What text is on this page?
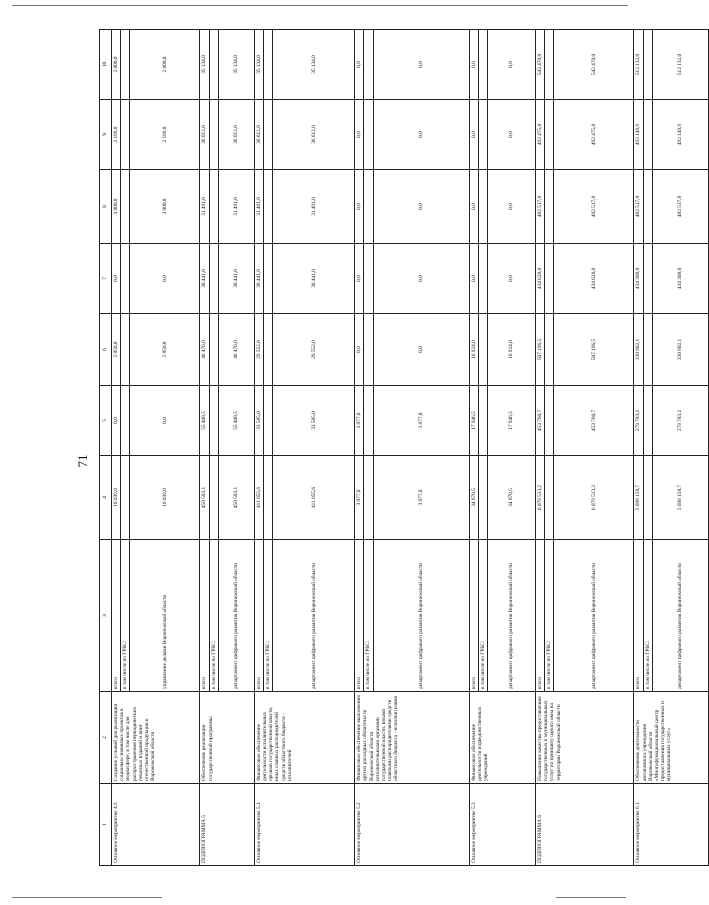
71
1	2	3	4	5	6	7	8	9	10
Основное мероприятие 4.3	Создание условий для реализации социально значимых проектов в медиасфере, в том числе для распространения периодических печатных изданий и книг отечественной продукции в Воронежской области	всего	10 039,0	0,0	2 850,0	0,0	3 000,0	2 189,0	2 000,0
		в том числе по ГРБС:							
		управление делами Воронежской области	10 039,0	0,0	2 850,0	0,0	3 000,0	2 189,0	2 000,0
ПОДПРОГРАММА 5	Обеспечение реализации государственной программы	всего	450 583,1	55 408,5	46 476,0	30 441,0	31 491,0	36 612,0	35 134,0
		в том числе по ГРБС:							
		департамент цифрового развития Воронежской области	450 583,1	55 408,5	46 476,0	30 441,0	31 491,0	36 612,0	35 134,0
Основное мероприятие 5.1	Финансовое обеспечение деятельности исполнительных органов государственной власти, иных главных распорядителей средств областного бюджета - исполнителей	всего	411 855,6	33 585,0	29 552,0	30 441,0	31 491,0	36 612,0	35 134,0
		в том числе по ГРБС:							
		департамент цифрового развития Воронежской области	411 855,6	33 585,0	29 552,0	30 441,0	31 491,0	36 612,0	35 134,0
Основное мероприятие 5.2	Финансовое обеспечение выполнения других расходных обязательств Воронежской области исполнительными органами государственной власти, иными главными распорядителями средств областного бюджета - исполнителями	всего	3 877,0	3 877,0	0,0	0,0	0,0	0,0	0,0
		в том числе по ГРБС:							
		департамент цифрового развития Воронежской области	3 877,0	3 877,0	0,0	0,0	0,0	0,0	0,0
Основное мероприятие 5.3	Финансовое обеспечение деятельности подведомственных учреждений	всего	34 870,5	17 946,5	16 924,0	0,0	0,0	0,0	0,0
		в том числе по ГРБС:							
		департамент цифрового развития Воронежской области	34 870,5	17 946,5	16 924,0	0,0	0,0	0,0	0,0
ПОДПРОГРАММА 6	Повышение качества предоставления государственных и муниципальных услуг по принципу одного окна на территории Воронежской области	всего	6 079 513,2	453 760,7	507 196,5	434 628,0	482 517,8	492 475,0	542 470,0
		в том числе по ГРБС:							
		департамент цифрового развития Воронежской области	6 079 513,2	453 760,7	507 196,5	434 628,0	482 517,8	492 475,0	542 470,0
Основное мероприятие 6.1	Обеспечение деятельности автономного учреждения Воронежской области «Многофункциональный центр предоставления государственных и муниципальных услуг»	всего	5 698 158,7	279 783,2	330 802,1	434 308,0	482 517,8	492 149,9	512 132,0
		в том числе по ГРБС:							
		департамент цифрового развития Воронежской области	5 698 158,7	279 783,2	330 802,1	434 308,0	482 517,8	492 149,9	512 132,0
